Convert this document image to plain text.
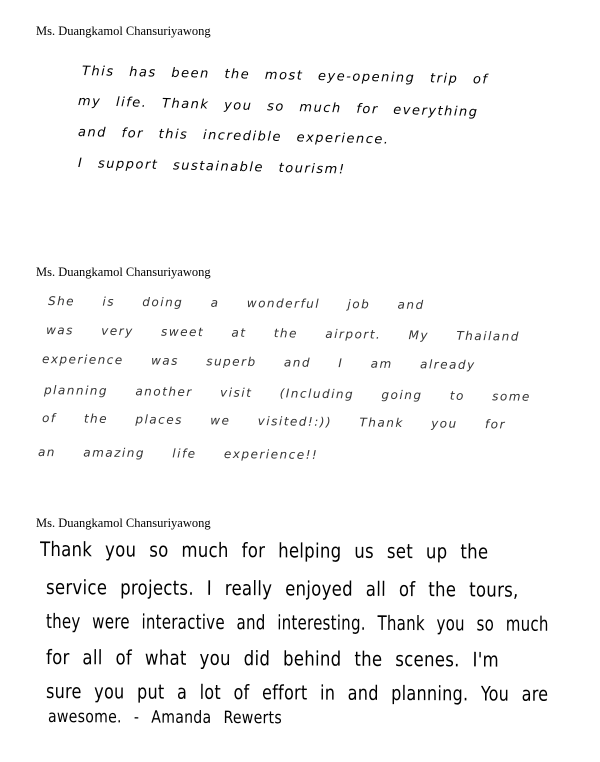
Ms. Duangkamol Chansuriyawong
This has been the most eye-opening trip of
my life. Thank you so much for everything
and for this incredible experience.
I support sustainable tourism!
Ms. Duangkamol Chansuriyawong
She is doing a wonderful job and
was very sweet at the airport. My Thailand
experience was superb and I am already
planning another visit (Including going to some
of the places we visited!:)) Thank you for
an amazing life experience!!
Ms. Duangkamol Chansuriyawong
Thank you so much for helping us set up the
service projects. I really enjoyed all of the tours,
they were interactive and interesting. Thank you so much
for all of what you did behind the scenes. I'm
sure you put a lot of effort in and planning. You are
awesome. - Amanda Rewerts
